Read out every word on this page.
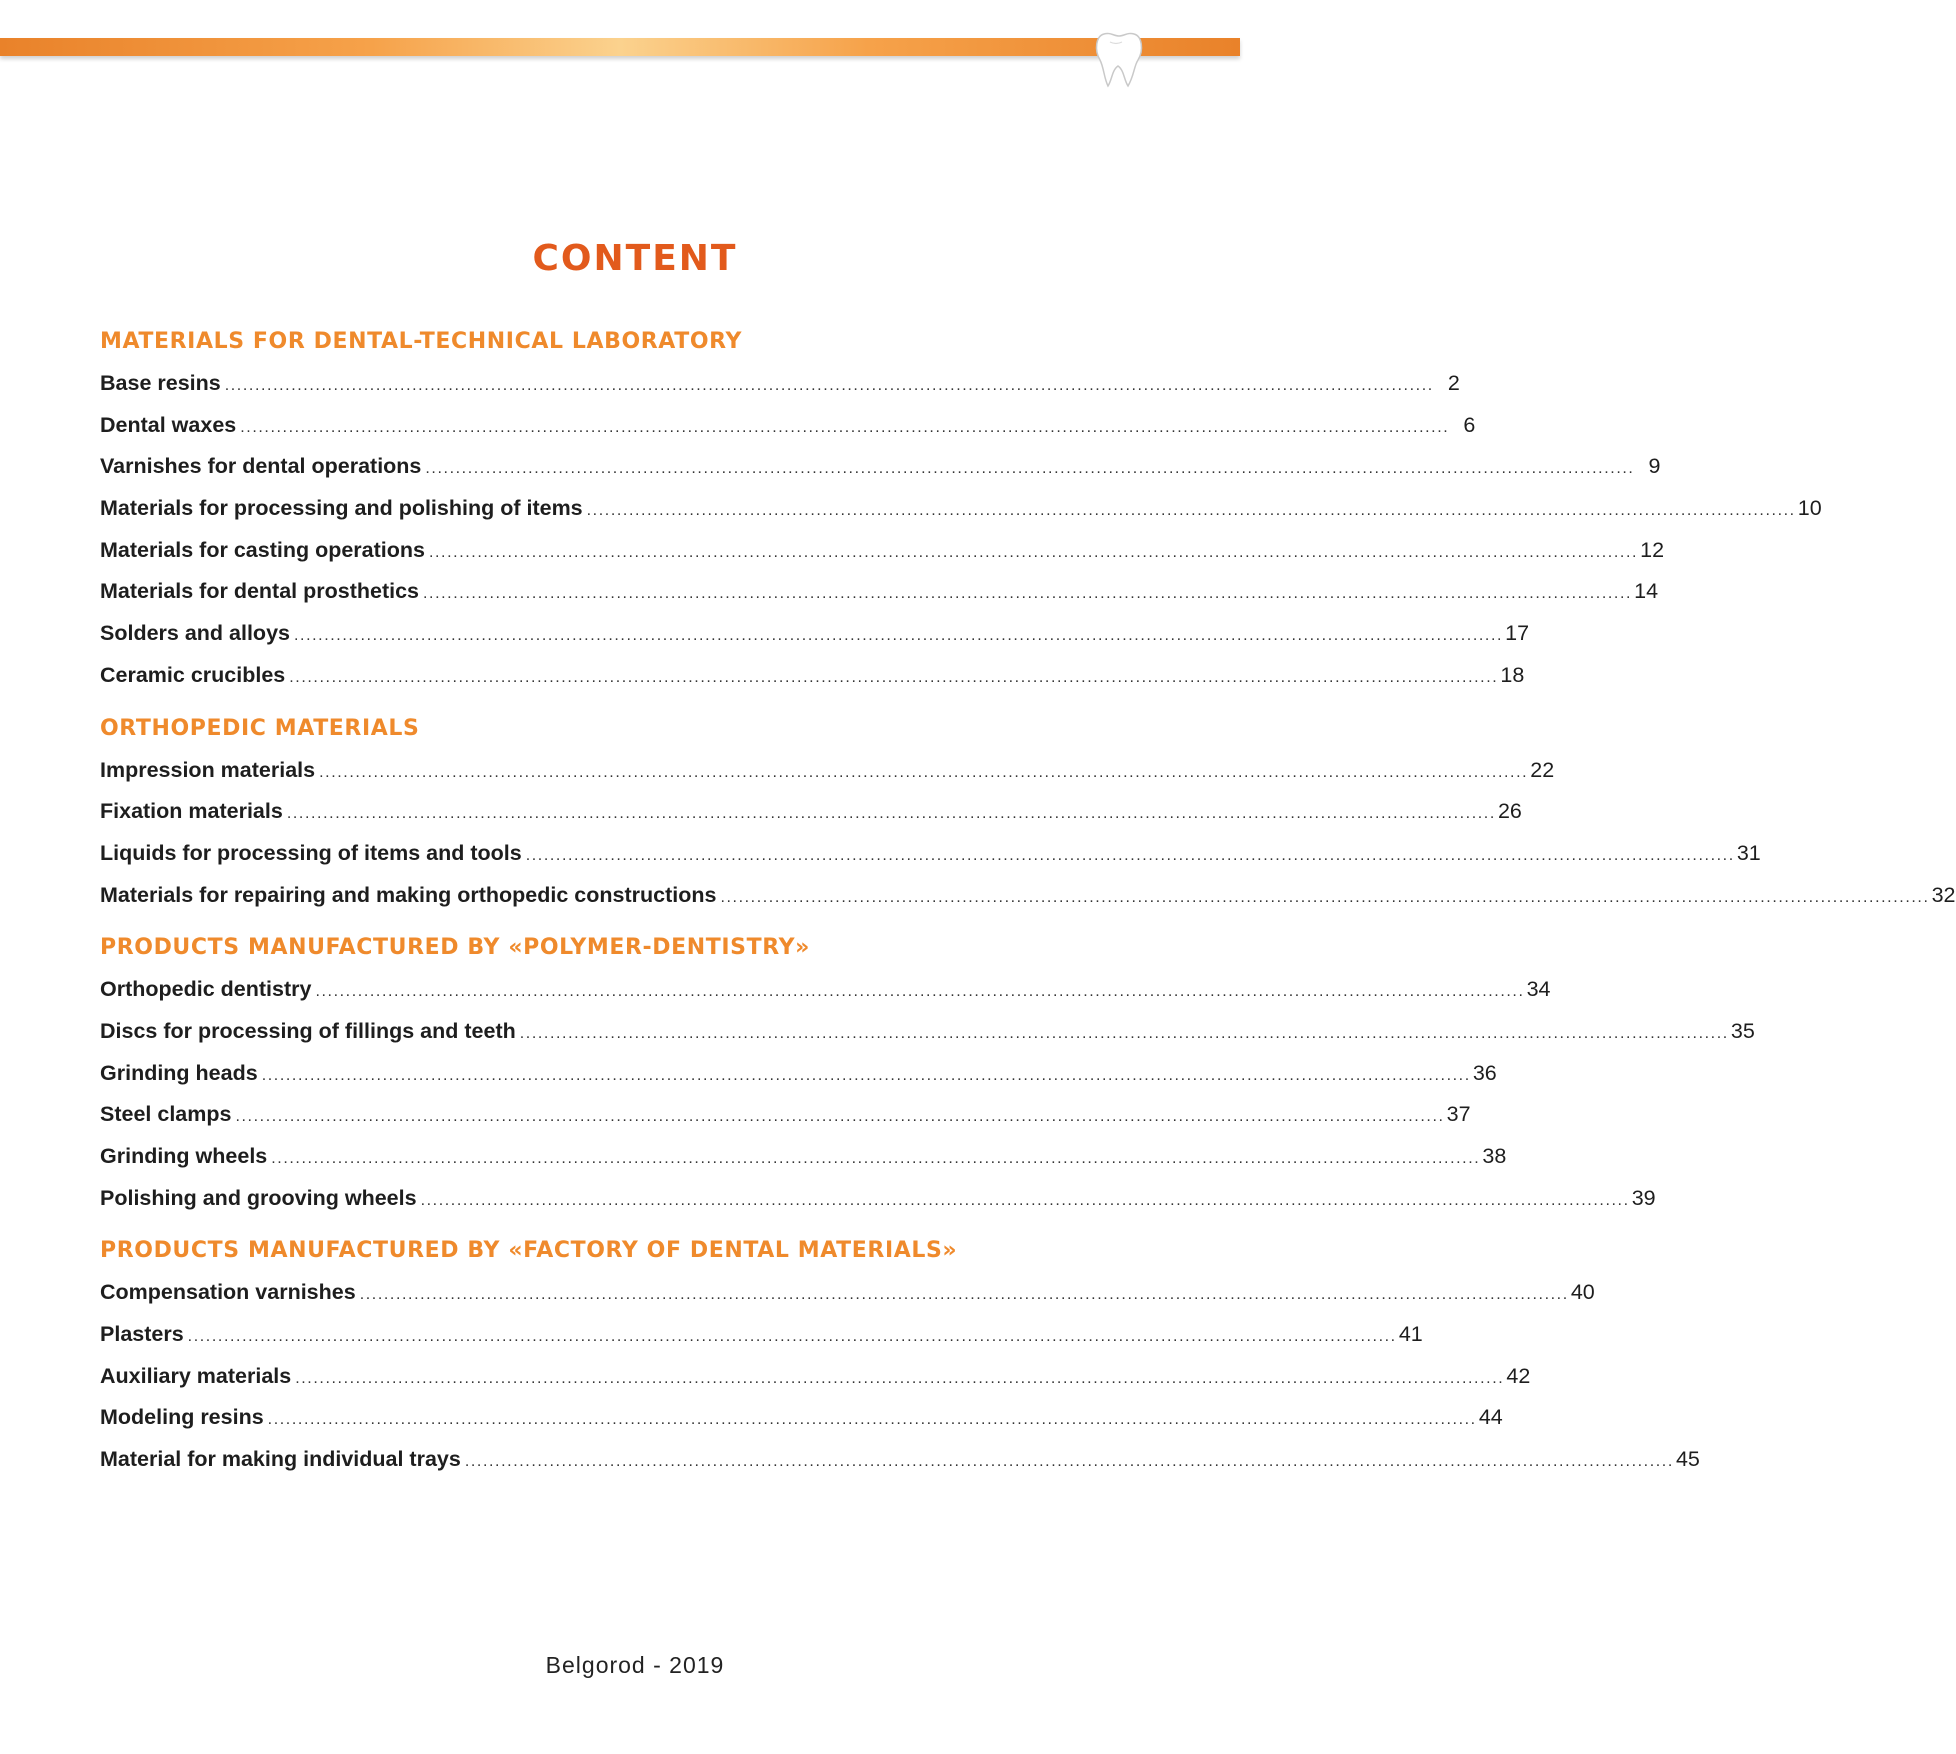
CONTENT
MATERIALS FOR DENTAL-TECHNICAL LABORATORY
Base resins ........................................................................................................................................................................................................ 2
Dental waxes ........................................................................................................................................................................................................ 6
Varnishes for dental operations ........................................................................................................................................................................................................ 9
Materials for processing and polishing of items ........................................................................................................................................................................................................ 10
Materials for casting operations ........................................................................................................................................................................................................ 12
Materials for dental prosthetics ........................................................................................................................................................................................................ 14
Solders and alloys ........................................................................................................................................................................................................ 17
Ceramic crucibles ........................................................................................................................................................................................................ 18
ORTHOPEDIC MATERIALS
Impression materials ........................................................................................................................................................................................................ 22
Fixation materials ........................................................................................................................................................................................................ 26
Liquids for processing of items and tools ........................................................................................................................................................................................................ 31
Materials for repairing and making orthopedic constructions ........................................................................................................................................................................................................ 32
PRODUCTS MANUFACTURED BY «POLYMER-DENTISTRY»
Orthopedic dentistry ........................................................................................................................................................................................................ 34
Discs for processing of fillings and teeth ........................................................................................................................................................................................................ 35
Grinding heads ........................................................................................................................................................................................................ 36
Steel clamps ........................................................................................................................................................................................................ 37
Grinding wheels ........................................................................................................................................................................................................ 38
Polishing and grooving wheels ........................................................................................................................................................................................................ 39
PRODUCTS MANUFACTURED BY «FACTORY OF DENTAL MATERIALS»
Compensation varnishes ........................................................................................................................................................................................................ 40
Plasters ........................................................................................................................................................................................................ 41
Auxiliary materials ........................................................................................................................................................................................................ 42
Modeling resins ........................................................................................................................................................................................................ 44
Material for making individual trays ........................................................................................................................................................................................................ 45
Belgorod - 2019
